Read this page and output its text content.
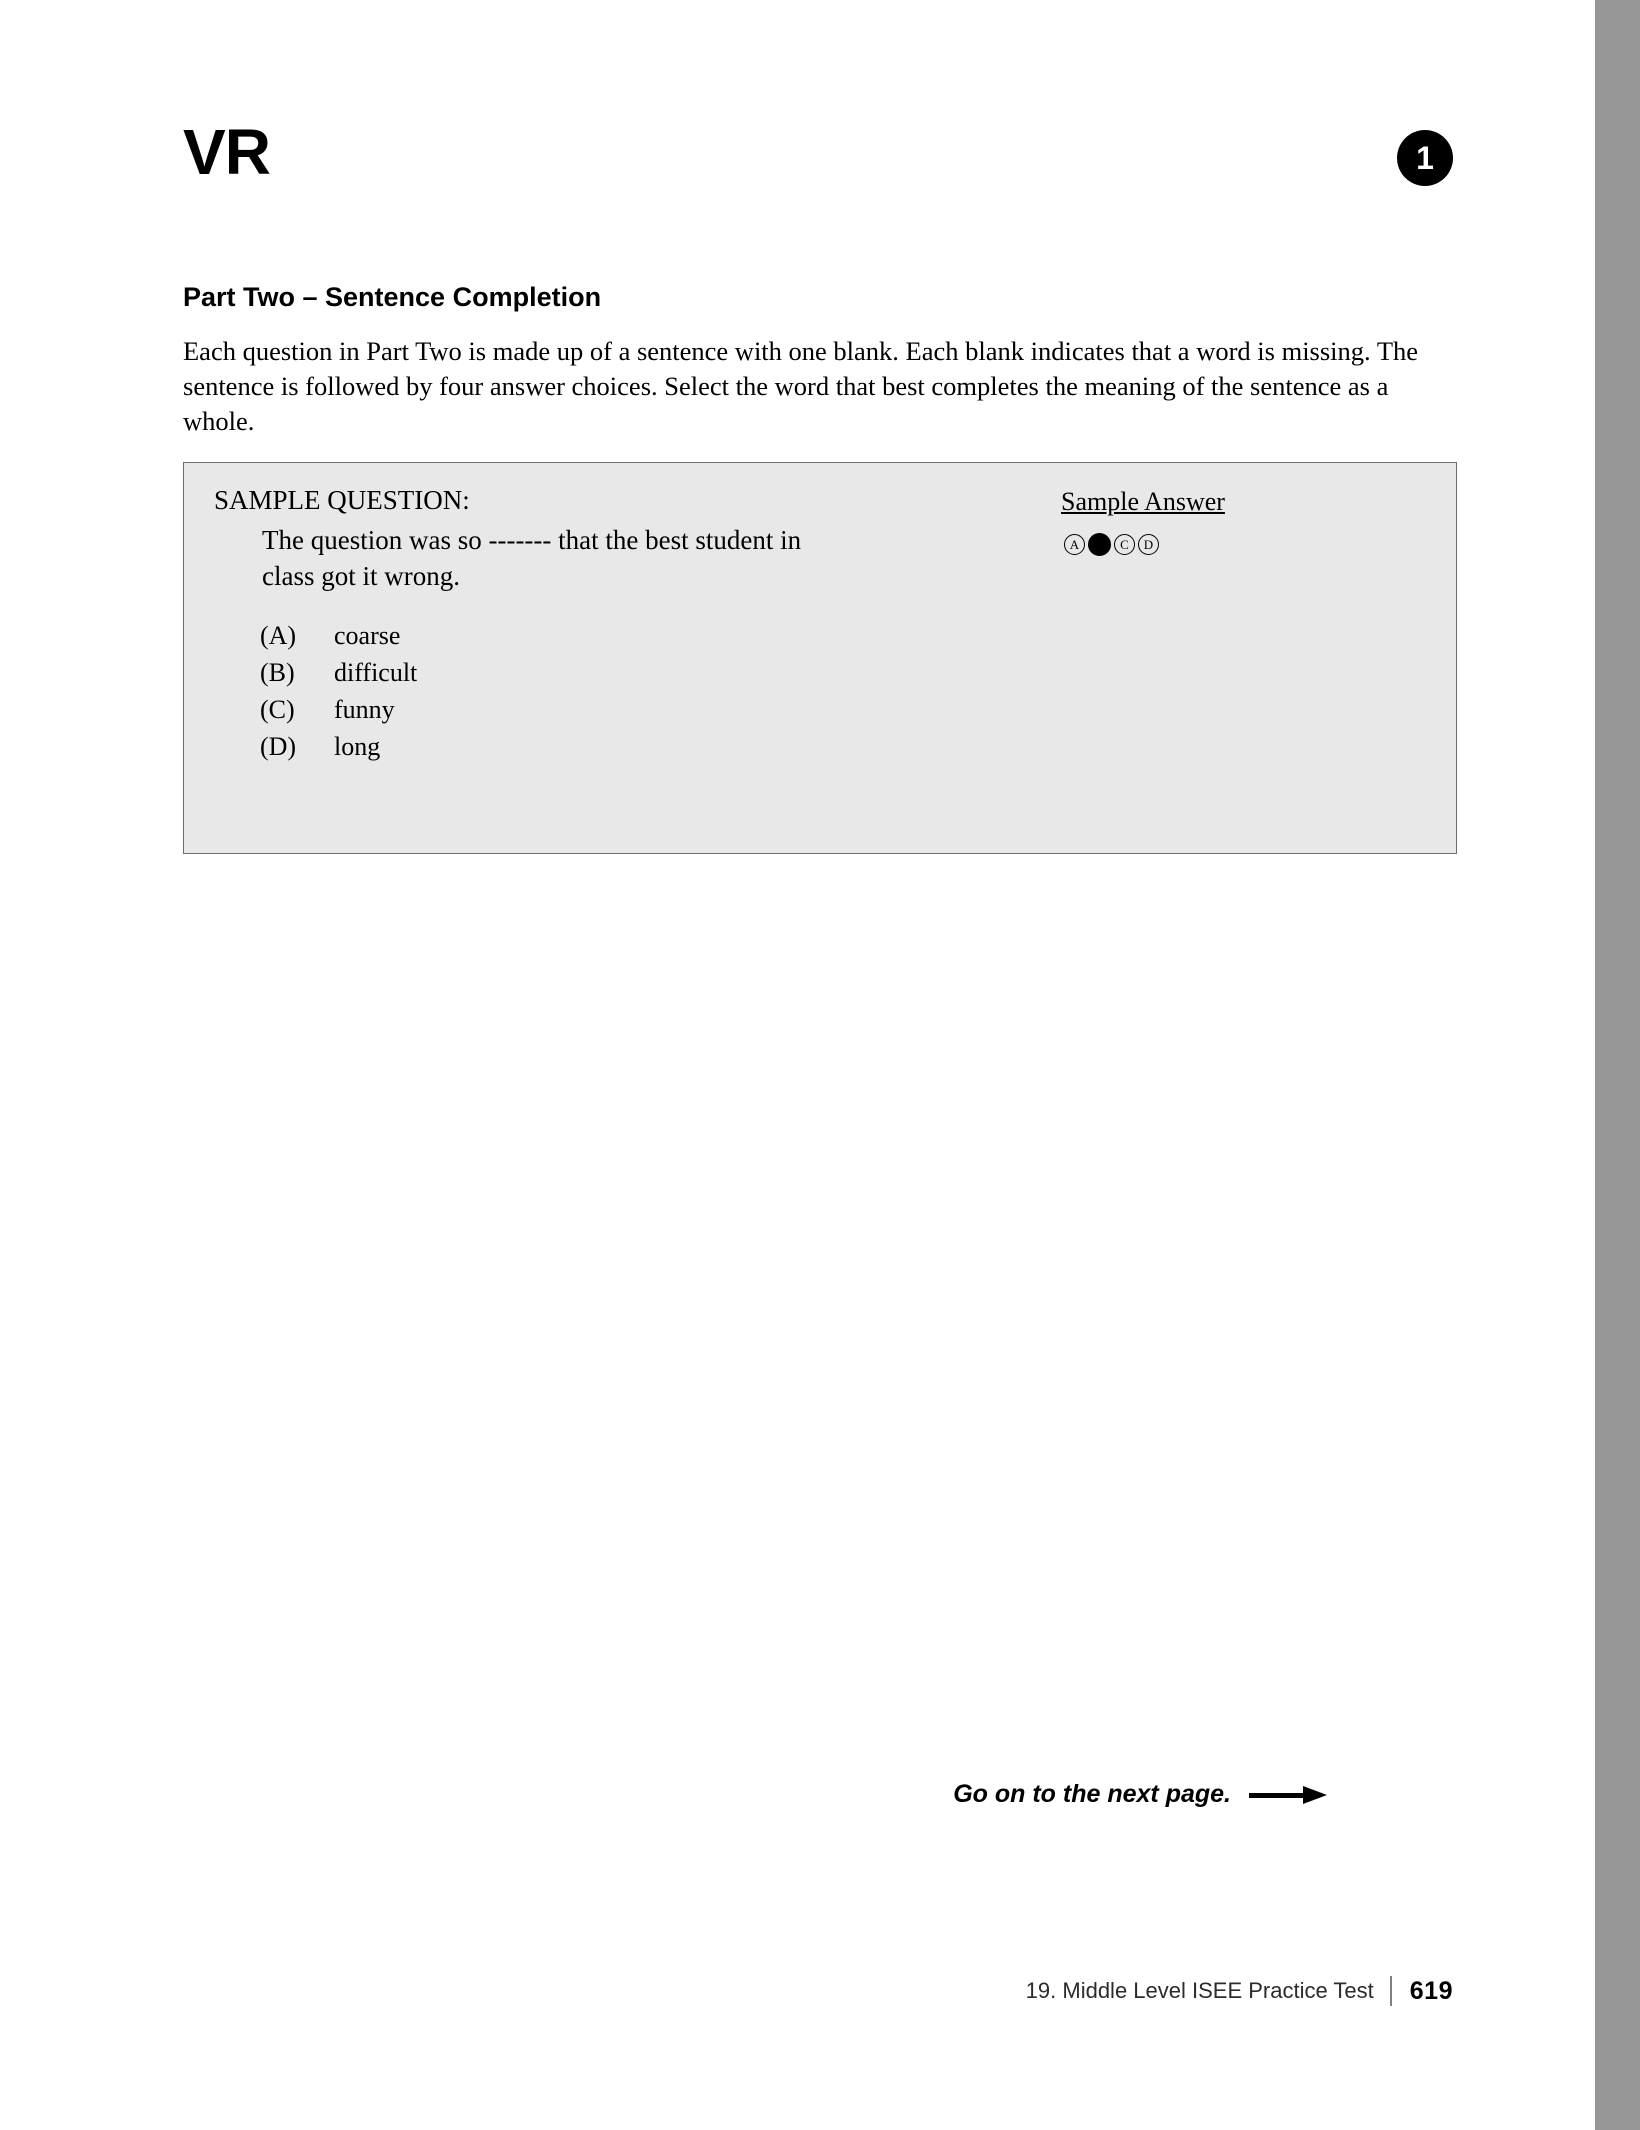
VR	1
Part Two – Sentence Completion
Each question in Part Two is made up of a sentence with one blank. Each blank indicates that a word is missing. The sentence is followed by four answer choices. Select the word that best completes the meaning of the sentence as a whole.
SAMPLE QUESTION:	Sample Answer
A	C	D
The question was so ------- that the best student in class got it wrong.
(A)	coarse
(B)	difficult
(C)	funny
(D)	long
Go on to the next page.
19. Middle Level ISEE Practice Test	619
